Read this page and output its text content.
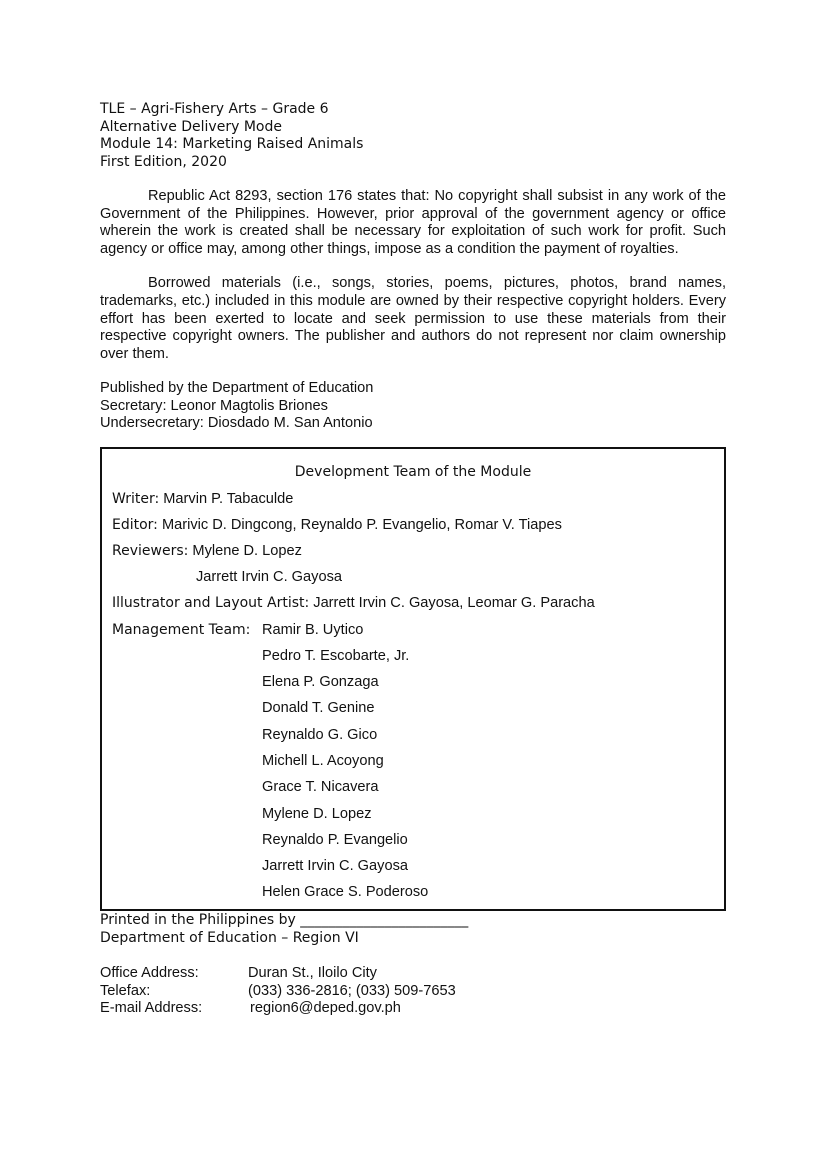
TLE – Agri-Fishery Arts – Grade 6
Alternative Delivery Mode
Module 14: Marketing Raised Animals
First Edition, 2020

Republic Act 8293, section 176 states that: No copyright shall subsist in any work of the Government of the Philippines. However, prior approval of the government agency or office wherein the work is created shall be necessary for exploitation of such work for profit. Such agency or office may, among other things, impose as a condition the payment of royalties.

Borrowed materials (i.e., songs, stories, poems, pictures, photos, brand names, trademarks, etc.) included in this module are owned by their respective copyright holders. Every effort has been exerted to locate and seek permission to use these materials from their respective copyright owners. The publisher and authors do not represent nor claim ownership over them.

Published by the Department of Education
Secretary: Leonor Magtolis Briones
Undersecretary: Diosdado M. San Antonio
Development Team of the Module
Writer: Marvin P. Tabaculde
Editor: Marivic D. Dingcong, Reynaldo P. Evangelio, Romar V. Tiapes
Reviewers: Mylene D. Lopez
Jarrett Irvin C. Gayosa
Illustrator and Layout Artist: Jarrett Irvin C. Gayosa, Leomar G. Paracha
Management Team: Ramir B. Uytico
Pedro T. Escobarte, Jr.
Elena P. Gonzaga
Donald T. Genine
Reynaldo G. Gico
Michell L. Acoyong
Grace T. Nicavera
Mylene D. Lopez
Reynaldo P. Evangelio
Jarrett Irvin C. Gayosa
Helen Grace S. Poderoso
Printed in the Philippines by ________________________
Department of Education – Region VI
Office Address:	Duran St., Iloilo City
Telefax:	(033) 336-2816; (033) 509-7653
E-mail Address:	region6@deped.gov.ph
